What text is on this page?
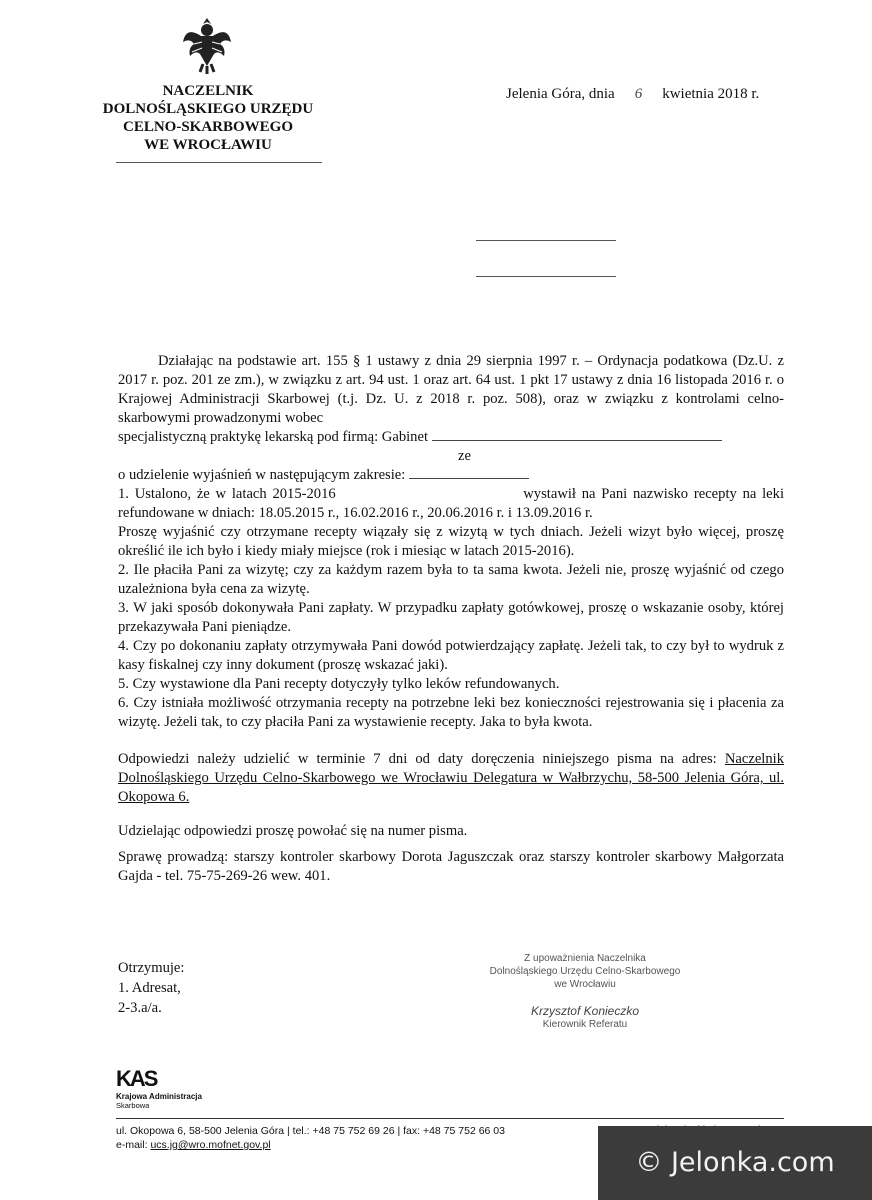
NACZELNIK
DOLNOŚLĄSKIEGO URZĘDU
CELNO-SKARBOWEGO
WE WROCŁAWIU
Jelenia Góra, dnia 6 kwietnia 2018 r.

Działając na podstawie art. 155 § 1 ustawy z dnia 29 sierpnia 1997 r. – Ordynacja podatkowa (Dz.U. z 2017 r. poz. 201 ze zm.), w związku z art. 94 ust. 1 oraz art. 64 ust. 1 pkt 17 ustawy z dnia 16 listopada 2016 r. o Krajowej Administracji Skarbowej (t.j. Dz. U. z 2018 r. poz. 508), oraz w związku z kontrolami celno-skarbowymi prowadzonymi wobec

specjalistyczną praktykę lekarską pod firmą: Gabinet

ze

o udzielenie wyjaśnień w następującym zakresie:

1. Ustalono, że w latach 2015-2016	wystawił na Pani nazwisko recepty na leki refundowane w dniach: 18.05.2015 r., 16.02.2016 r., 20.06.2016 r. i 13.09.2016 r.

Proszę wyjaśnić czy otrzymane recepty wiązały się z wizytą w tych dniach. Jeżeli wizyt było więcej, proszę określić ile ich było i kiedy miały miejsce (rok i miesiąc w latach 2015-2016).

2. Ile płaciła Pani za wizytę; czy za każdym razem była to ta sama kwota. Jeżeli nie, proszę wyjaśnić od czego uzależniona była cena za wizytę.

3. W jaki sposób dokonywała Pani zapłaty. W przypadku zapłaty gotówkowej, proszę o wskazanie osoby, której przekazywała Pani pieniądze.

4. Czy po dokonaniu zapłaty otrzymywała Pani dowód potwierdzający zapłatę. Jeżeli tak, to czy był to wydruk z kasy fiskalnej czy inny dokument (proszę wskazać jaki).

5. Czy wystawione dla Pani recepty dotyczyły tylko leków refundowanych.

6. Czy istniała możliwość otrzymania recepty na potrzebne leki bez konieczności rejestrowania się i płacenia za wizytę. Jeżeli tak, to czy płaciła Pani za wystawienie recepty. Jaka to była kwota.

Odpowiedzi należy udzielić w terminie 7 dni od daty doręczenia niniejszego pisma na adres: Naczelnik Dolnośląskiego Urzędu Celno-Skarbowego we Wrocławiu Delegatura w Wałbrzychu, 58-500 Jelenia Góra, ul. Okopowa 6.

Udzielając odpowiedzi proszę powołać się na numer pisma.
Sprawę prowadzą: starszy kontroler skarbowy Dorota Jaguszczak oraz starszy kontroler skarbowy Małgorzata Gajda - tel. 75-75-269-26 wew. 401.
Otrzymuje:
1. Adresat,
2-3.a/a.
Z upoważnienia Naczelnika
Dolnośląskiego Urzędu Celno-Skarbowego
we Wrocławiu
Krzysztof Konieczko
Kierownik Referatu
KAS
Krajowa Administracja
Skarbowa
ul. Okopowa 6, 58-500 Jelenia Góra | tel.: +48 75 752 69 26 | fax: +48 75 752 66 03
e-mail: ucs.jg@wro.mofnet.gov.pl
© Jelonka.com
